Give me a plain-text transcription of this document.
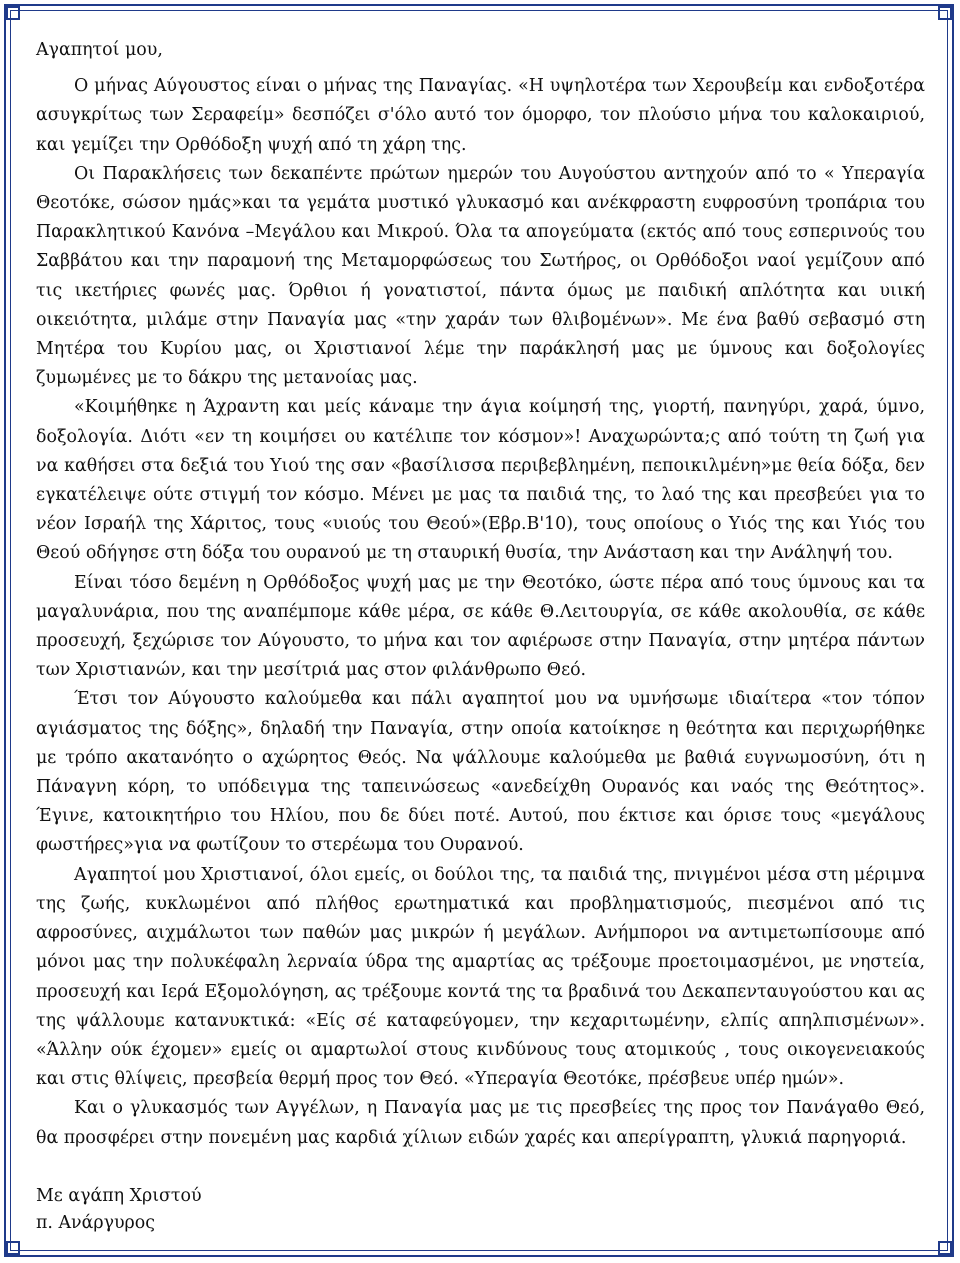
Αγαπητοί μου,

Ο μήνας Αύγουστος είναι ο μήνας της Παναγίας. «Η υψηλοτέρα των Χερουβείμ και ενδοξοτέρα ασυγκρίτως των Σεραφείμ» δεσπόζει σ'όλο αυτό τον όμορφο, τον πλούσιο μήνα του καλοκαιριού, και γεμίζει την Ορθόδοξη ψυχή από τη χάρη της.

Οι Παρακλήσεις των δεκαπέντε πρώτων ημερών του Αυγούστου αντηχούν από το « Υπεραγία Θεοτόκε, σώσον ημάς»και τα γεμάτα μυστικό γλυκασμό και ανέκφραστη ευφροσύνη τροπάρια του Παρακλητικού Κανόνα –Μεγάλου και Μικρού. Όλα τα απογεύματα (εκτός από τους εσπερινούς του Σαββάτου και την παραμονή της Μεταμορφώσεως του Σωτήρος, οι Ορθόδοξοι ναοί γεμίζουν από τις ικετήριες φωνές μας. Όρθιοι ή γονατιστοί, πάντα όμως με παιδική απλότητα και υιική οικειότητα, μιλάμε στην Παναγία μας «την χαράν των θλιβομένων». Με ένα βαθύ σεβασμό στη Μητέρα του Κυρίου μας, οι Χριστιανοί λέμε την παράκλησή μας με ύμνους και δοξολογίες ζυμωμένες με το δάκρυ της μετανοίας μας.

«Κοιμήθηκε η Άχραντη και μείς κάναμε την άγια κοίμησή της, γιορτή, πανηγύρι, χαρά, ύμνο, δοξολογία. Διότι «εν τη κοιμήσει ου κατέλιπε τον κόσμον»! Αναχωρώντα;ς από τούτη τη ζωή για να καθήσει στα δεξιά του Υιού της σαν «βασίλισσα περιβεβλημένη, πεποικιλμένη»με θεία δόξα, δεν εγκατέλειψε ούτε στιγμή τον κόσμο. Μένει με μας τα παιδιά της, το λαό της και πρεσβεύει για το νέον Ισραήλ της Χάριτος, τους «υιούς του Θεού»(Εβρ.Β'10), τους οποίους ο Υιός της και Υιός του Θεού οδήγησε στη δόξα του ουρανού με τη σταυρική θυσία, την Ανάσταση και την Ανάληψή του.

Είναι τόσο δεμένη η Ορθόδοξος ψυχή μας με την Θεοτόκο, ώστε πέρα από τους ύμνους και τα μαγαλυνάρια, που της αναπέμπομε κάθε μέρα, σε κάθε Θ.Λειτουργία, σε κάθε ακολουθία, σε κάθε προσευχή, ξεχώρισε τον Αύγουστο, το μήνα και τον αφιέρωσε στην Παναγία, στην μητέρα πάντων των Χριστιανών, και την μεσίτριά μας στον φιλάνθρωπο Θεό.

Έτσι τον Αύγουστο καλούμεθα και πάλι αγαπητοί μου να υμνήσωμε ιδιαίτερα «τον τόπον αγιάσματος της δόξης», δηλαδή την Παναγία, στην οποία κατοίκησε η θεότητα και περιχωρήθηκε με τρόπο ακατανόητο ο αχώρητος Θεός. Να ψάλλουμε καλούμεθα με βαθιά ευγνωμοσύνη, ότι η Πάναγνη κόρη, το υπόδειγμα της ταπεινώσεως «ανεδείχθη Ουρανός και ναός της Θεότητος». Έγινε, κατοικητήριο του Ηλίου, που δε δύει ποτέ. Αυτού, που έκτισε και όρισε τους «μεγάλους φωστήρες»για να φωτίζουν το στερέωμα του Ουρανού.

Αγαπητοί μου Χριστιανοί, όλοι εμείς, οι δούλοι της, τα παιδιά της, πνιγμένοι μέσα στη μέριμνα της ζωής, κυκλωμένοι από πλήθος ερωτηματικά και προβληματισμούς, πιεσμένοι από τις αφροσύνες, αιχμάλωτοι των παθών μας μικρών ή μεγάλων. Ανήμποροι να αντιμετωπίσουμε από μόνοι μας την πολυκέφαλη λερναία ύδρα της αμαρτίας ας τρέξουμε προετοιμασμένοι, με νηστεία, προσευχή και Ιερά Εξομολόγηση, ας τρέξουμε κοντά της τα βραδινά του Δεκαπενταυγούστου και ας της ψάλλουμε κατανυκτικά: «Είς σέ καταφεύγομεν, την κεχαριτωμένην, ελπίς απηλπισμένων». «Άλλην ούκ έχομεν» εμείς οι αμαρτωλοί στους κινδύνους τους ατομικούς , τους οικογενειακούς και στις θλίψεις, πρεσβεία θερμή προς τον Θεό. «Υπεραγία Θεοτόκε, πρέσβευε υπέρ ημών».

Και ο γλυκασμός των Αγγέλων, η Παναγία μας με τις πρεσβείες της προς τον Πανάγαθο Θεό, θα προσφέρει στην πονεμένη μας καρδιά χίλιων ειδών χαρές και απερίγραπτη, γλυκιά παρηγοριά.

Με αγάπη Χριστού
π. Ανάργυρος
